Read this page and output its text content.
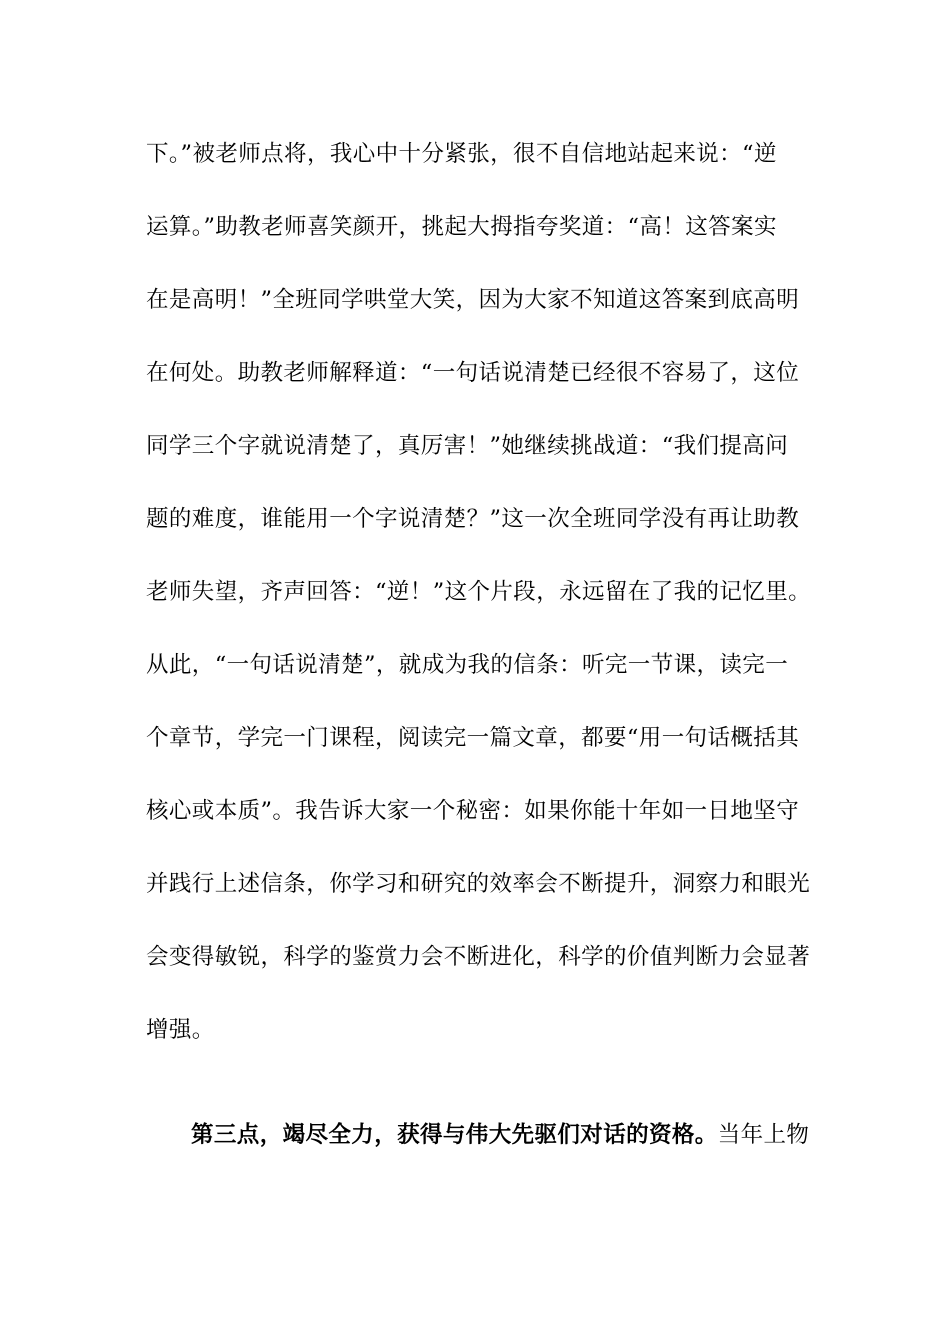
下。”被老师点将，我心中十分紧张，很不自信地站起来说：“逆
运算。”助教老师喜笑颜开，挑起大拇指夸奖道：“高！这答案实
在是高明！”全班同学哄堂大笑，因为大家不知道这答案到底高明
在何处。助教老师解释道：“一句话说清楚已经很不容易了，这位
同学三个字就说清楚了，真厉害！”她继续挑战道：“我们提高问
题的难度，谁能用一个字说清楚？”这一次全班同学没有再让助教
老师失望，齐声回答：“逆！”这个片段，永远留在了我的记忆里。
从此，“一句话说清楚”，就成为我的信条：听完一节课，读完一
个章节，学完一门课程，阅读完一篇文章，都要“用一句话概括其
核心或本质”。我告诉大家一个秘密：如果你能十年如一日地坚守
并践行上述信条，你学习和研究的效率会不断提升，洞察力和眼光
会变得敏锐，科学的鉴赏力会不断进化，科学的价值判断力会显著
增强。
第三点，竭尽全力，获得与伟大先驱们对话的资格。当年上物
